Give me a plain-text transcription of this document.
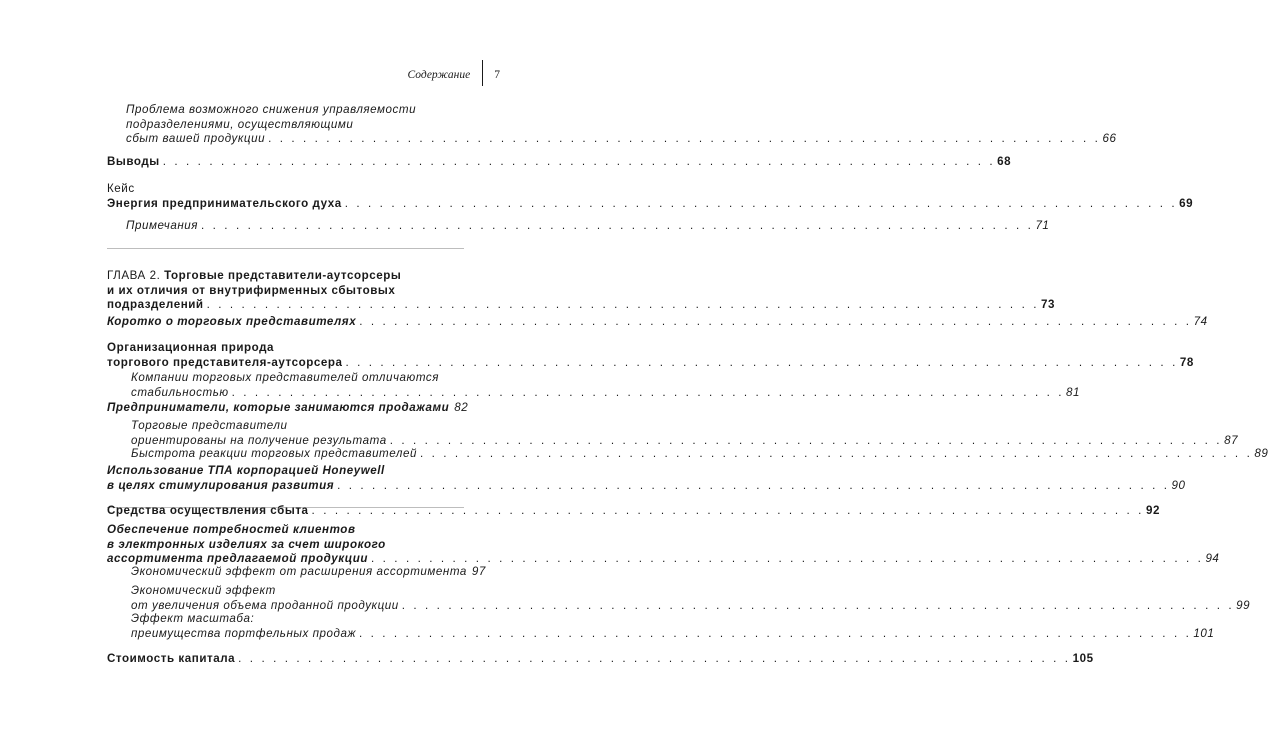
Содержание 7
Проблема возможного снижения управляемости
подразделениями, осуществляющими
сбыт вашей продукции . . . . . . . . . . . . . . . . . . . . . . . . . . . . . . . . . . . . . . . . . . . . . . . . . . . . . . . . . . . . . . . . . . . . . . . . 66
Выводы . . . . . . . . . . . . . . . . . . . . . . . . . . . . . . . . . . . . . . . . . . . . . . . . . . . . . . . . . . . . . . . . . . . . . . . . 68
Кейс
Энергия предпринимательского духа . . . . . . . . . . . . . . . . . . . . . . . . . . . . . . . . . . . . . . . . . . . . . . . . . . . . . . . . . . . . . . . . . . . . . . . . 69
Примечания . . . . . . . . . . . . . . . . . . . . . . . . . . . . . . . . . . . . . . . . . . . . . . . . . . . . . . . . . . . . . . . . . . . . . . . . 71
ГЛАВА 2. Торговые представители-аутсорсеры
и их отличия от внутрифирменных сбытовых
подразделений . . . . . . . . . . . . . . . . . . . . . . . . . . . . . . . . . . . . . . . . . . . . . . . . . . . . . . . . . . . . . . . . . . . . . . . . 73
Коротко о торговых представителях . . . . . . . . . . . . . . . . . . . . . . . . . . . . . . . . . . . . . . . . . . . . . . . . . . . . . . . . . . . . . . . . . . . . . . . . 74
Организационная природа
торгового представителя-аутсорсера . . . . . . . . . . . . . . . . . . . . . . . . . . . . . . . . . . . . . . . . . . . . . . . . . . . . . . . . . . . . . . . . . . . . . . . . 78
Компании торговых представителей отличаются
стабильностью . . . . . . . . . . . . . . . . . . . . . . . . . . . . . . . . . . . . . . . . . . . . . . . . . . . . . . . . . . . . . . . . . . . . . . . . 81
Предприниматели, которые занимаются продажами 82
Торговые представители
ориентированы на получение результата . . . . . . . . . . . . . . . . . . . . . . . . . . . . . . . . . . . . . . . . . . . . . . . . . . . . . . . . . . . . . . . . . . . . . . . . 87
Быстрота реакции торговых представителей . . . . . . . . . . . . . . . . . . . . . . . . . . . . . . . . . . . . . . . . . . . . . . . . . . . . . . . . . . . . . . . . . . . . . . . . 89
Использование ТПА корпорацией Honeywell
в целях стимулирования развития . . . . . . . . . . . . . . . . . . . . . . . . . . . . . . . . . . . . . . . . . . . . . . . . . . . . . . . . . . . . . . . . . . . . . . . . 90
Средства осуществления сбыта . . . . . . . . . . . . . . . . . . . . . . . . . . . . . . . . . . . . . . . . . . . . . . . . . . . . . . . . . . . . . . . . . . . . . . . . 92
Обеспечение потребностей клиентов
в электронных изделиях за счет широкого
ассортимента предлагаемой продукции . . . . . . . . . . . . . . . . . . . . . . . . . . . . . . . . . . . . . . . . . . . . . . . . . . . . . . . . . . . . . . . . . . . . . . . . 94
Экономический эффект от расширения ассортимента 97
Экономический эффект
от увеличения объема проданной продукции . . . . . . . . . . . . . . . . . . . . . . . . . . . . . . . . . . . . . . . . . . . . . . . . . . . . . . . . . . . . . . . . . . . . . . . . 99
Эффект масштаба:
преимущества портфельных продаж . . . . . . . . . . . . . . . . . . . . . . . . . . . . . . . . . . . . . . . . . . . . . . . . . . . . . . . . . . . . . . . . . . . . . . . . 101
Стоимость капитала . . . . . . . . . . . . . . . . . . . . . . . . . . . . . . . . . . . . . . . . . . . . . . . . . . . . . . . . . . . . . . . . . . . . . . . . 105
